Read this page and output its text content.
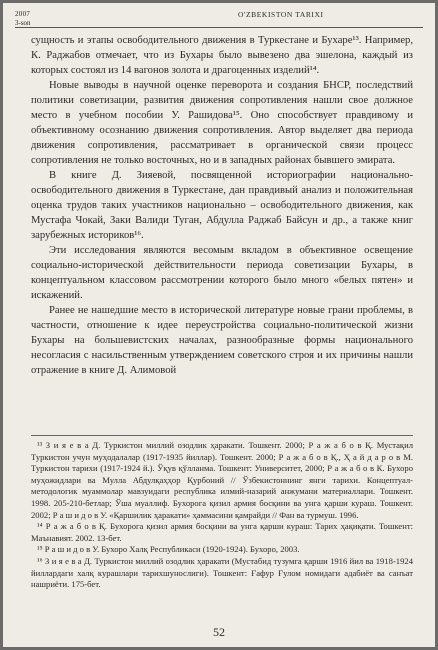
2007
3-son
O'ZBEKISTON TARIXI

сущность и этапы освободительного движения в Туркестане и Бухаре¹³. Например, К. Раджабов отмечает, что из Бухары было вывезено два эшелона, каждый из которых состоял из 14 вагонов золота и драгоценных изделий¹⁴.

Новые выводы в научной оценке переворота и создания БНСР, последствий политики советизации, развития движения сопротивления нашли свое должное место в учебном пособии У. Рашидова¹⁵. Оно способствует правдивому и объективному осознанию движения сопротивления. Автор выделяет два периода движения сопротивления, рассматривает в органической связи процесс сопротивления не только восточных, но и в западных районах бывшего эмирата.

В книге Д. Зияевой, посвященной историографии национально-освободительного движения в Туркестане, дан правдивый анализ и положительная оценка трудов таких участников национально – освободительного движения, как Мустафа Чокай, Заки Валиди Туган, Абдулла Раджаб Байсун и др., а также книг зарубежных историков¹⁶.

Эти исследования являются весомым вкладом в объективное освещение социально-исторической действительности периода советизации Бухары, в концептуальном классовом рассмотрении которого было много «белых пятен» и искажений.

Ранее не нашедшие место в исторической литературе новые грани проблемы, в частности, отношение к идее переустройства социально-политической жизни Бухары на большевистских началах, разнообразные формы национального несогласия с насильственным утверждением советского строя и их причины нашли отражение в книге Д. Алимовой

¹³ З и я е в а Д. Туркистон миллий озодлик ҳаракати. Тошкент. 2000; Р а ж а б о в Қ. Мустақил Туркистон учун муҳодалалар (1917-1935 йиллар). Тошкент. 2000; Р а ж а б о в Қ., Ҳ а й д а р о в М. Туркистон тарихи (1917-1924 й.). Ўқув қўлланма. Тошкент: Университет, 2000; Р а ж а б о в К. Бухоро муҳожидлари ва Мулла Абдулқаҳҳор Қурбоний // Ўзбекистоннинг янги тарихи. Концептуал-методологик муаммолар мавзуидаги республика илмий-назарий анжумани материаллари. Тошкент. 1998. 205-210-бетлар; Ўша муаллиф. Бухорога қизил армия босқини ва унга қарши кураш. Тошкент. 2002; Р а ш и д о в У. «Қаршилик ҳаракати» ҳаммасини қамрайди // Фан ва турмуш. 1996.

¹⁴ Р а ж а б о в Қ. Бухорога қизил армия босқини ва унга қарши кураш: Тарих ҳақиқати. Тошкент: Маънавият. 2002. 13-бет.

¹⁵ Р а ш и д о в У. Бухоро Халқ Республикаси (1920-1924). Бухоро, 2003.

¹⁶ З и я е в а Д. Туркистон миллий озодлик ҳаракати (Мустабид тузумга қарши 1916 йил ва 1918-1924 йиллардаги халқ курашлари тарихшунослиги). Тошкент: Ғафур Ғулом номидаги адабиёт ва санъат нашриёти. 175-бет.

52
